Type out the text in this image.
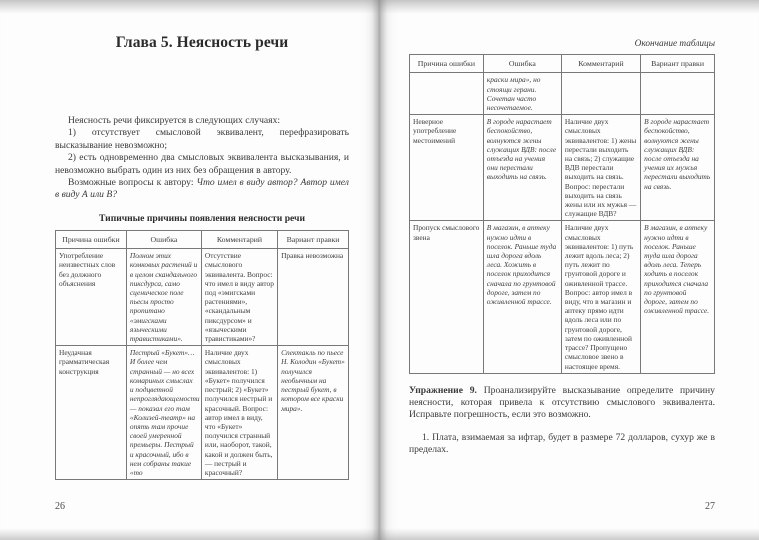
Глава 5. Неясность речи

Неясность речи фиксируется в следующих случаях:

1) отсутствует смысловой эквивалент, перефразировать высказывание невозможно;

2) есть одновременно два смысловых эквивалента высказывания, и невозможно выбрать один из них без обращения в автору.

Возможные вопросы к автору: Что имел в виду автор? Автор имел в виду А или В?

Типичные причины появления неясности речи
Причина ошибки	Ошибка	Комментарий	Вариант правки
Употребление неизвестных слов без должного объяснения	Полном этих комковых растений и в целом скандального пиксдурса, само сценическое поле пьесы просто пропитано «эмигсками языческими травистиками».	Отсутствие смыслового эквивалента. Вопрос: что имел в виду автор под «эмигсками растениями», «скандальным пиксдурсом» и «языческими травистиками»?	Правка невозможна
Неудачная грамматическая конструкция	Пестрый «Букет»… И более чем странный — но всех комариных смыслах и подцветной непроглядающемости — показал его там «Колизей-театр» на опять там прочие своей умеренной премьеры. Пестрый и красочный, ибо в нем собраны такие «то	Наличие двух смысловых эквивалентов: 1) «Букет» получился пестрый; 2) «Букет» получился нестрый и красочный. Вопрос: автор имел в виду, что «Букет» получился странный или, наоборот, такой, какой и должен быть, — пестрый и красочный?	Спектакль по пьесе Н. Колодин «Букет» получился необычным на пестрый букет, в котором все краски мира».
26
Окончание таблицы
Причина ошибки	Ошибка	Комментарий	Вариант правки
	краски мира», но стоящи герани. Сочетан часто несочетаемое.		
Неверное употребление местоимений	В городе нарастает беспокойство, волнуются жены служащих ВДВ: после отъезда на учения они перестали выходить на связь.	Наличие двух смысловых эквивалентов: 1) жены перестали выходить на связь; 2) служащие ВДВ перестали выходить на связь. Вопрос: перестали выходить на связь жены или их мужья — служащие ВДВ?	В городе нарастает беспокойство, волнуются жены служащих ВДВ: после отъезда на учения их мужья перестали выходить на связь.
Пропуск смыслового звена	В магазин, в аптеку нужно идти в поселок. Раньше туда шла дорога вдоль леса. Хожить в поселок приходится сначала по грунтовой дороге, затем по оживленной трассе.	Наличие двух смысловых эквивалентов: 1) путь лежит вдоль леса; 2) путь лежит по грунтовой дороге и оживленной трассе. Вопрос: автор имел в виду, что в магазин и аптеку прямо идти вдоль леса или по грунтовой дороге, затем по оживленной трассе? Пропущено смысловое звено в настоящее время.	В магазин, в аптеку нужно идти в поселок. Раньше туда шла дорога вдоль леса. Теперь ходить в поселок приходится сначала по грунтовой дороге, затем по оживленной трассе.

Упражнение 9. Проанализируйте высказывание определите причину неясности, которая привела к отсутствию смыслового эквивалента. Исправьте погрешность, если это возможно.

1. Плата, взимаемая за ифтар, будет в размере 72 долларов, сухур же в пределах.

27
